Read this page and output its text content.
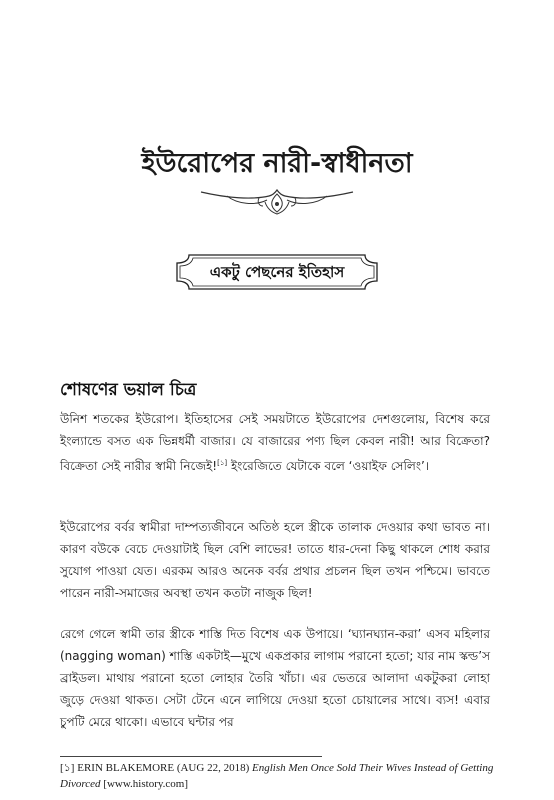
ইউরোপের নারী-স্বাধীনতা
একটু পেছনের ইতিহাস
শোষণের ভয়াল চিত্র

উনিশ শতকের ইউরোপ। ইতিহাসের সেই সময়টাতে ইউরোপের দেশগুলোয়, বিশেষ করে ইংল্যান্ডে বসত এক ভিন্নধর্মী বাজার। যে বাজারের পণ্য ছিল কেবল নারী! আর বিক্রেতা? বিক্রেতা সেই নারীর স্বামী নিজেই![১] ইংরেজিতে যেটাকে বলে ‘ওয়াইফ সেলিং’।

ইউরোপের বর্বর স্বামীরা দাম্পত্যজীবনে অতিষ্ঠ হলে স্ত্রীকে তালাক দেওয়ার কথা ভাবত না। কারণ বউকে বেচে দেওয়াটাই ছিল বেশি লাভের! তাতে ধার-দেনা কিছু থাকলে শোধ করার সুযোগ পাওয়া যেত। এরকম আরও অনেক বর্বর প্রথার প্রচলন ছিল তখন পশ্চিমে। ভাবতে পারেন নারী-সমাজের অবস্থা তখন কতটা নাজুক ছিল!

রেগে গেলে স্বামী তার স্ত্রীকে শাস্তি দিত বিশেষ এক উপায়ে। ‘ঘ্যানঘ্যান-করা’ এসব মহিলার (nagging woman) শাস্তি একটাই—মুখে একপ্রকার লাগাম পরানো হতো; যার নাম স্কল্ড’স ব্রাইডল। মাথায় পরানো হতো লোহার তৈরি খাঁচা। এর ভেতরে আলাদা একটুকরা লোহা জুড়ে দেওয়া থাকত। সেটা টেনে এনে লাগিয়ে দেওয়া হতো চোয়ালের সাথে। ব্যস! এবার চুপটি মেরে থাকো। এভাবে ঘন্টার পর

[১] ERIN BLAKEMORE (AUG 22, 2018) English Men Once Sold Their Wives Instead of Getting Divorced [www.history.com]
